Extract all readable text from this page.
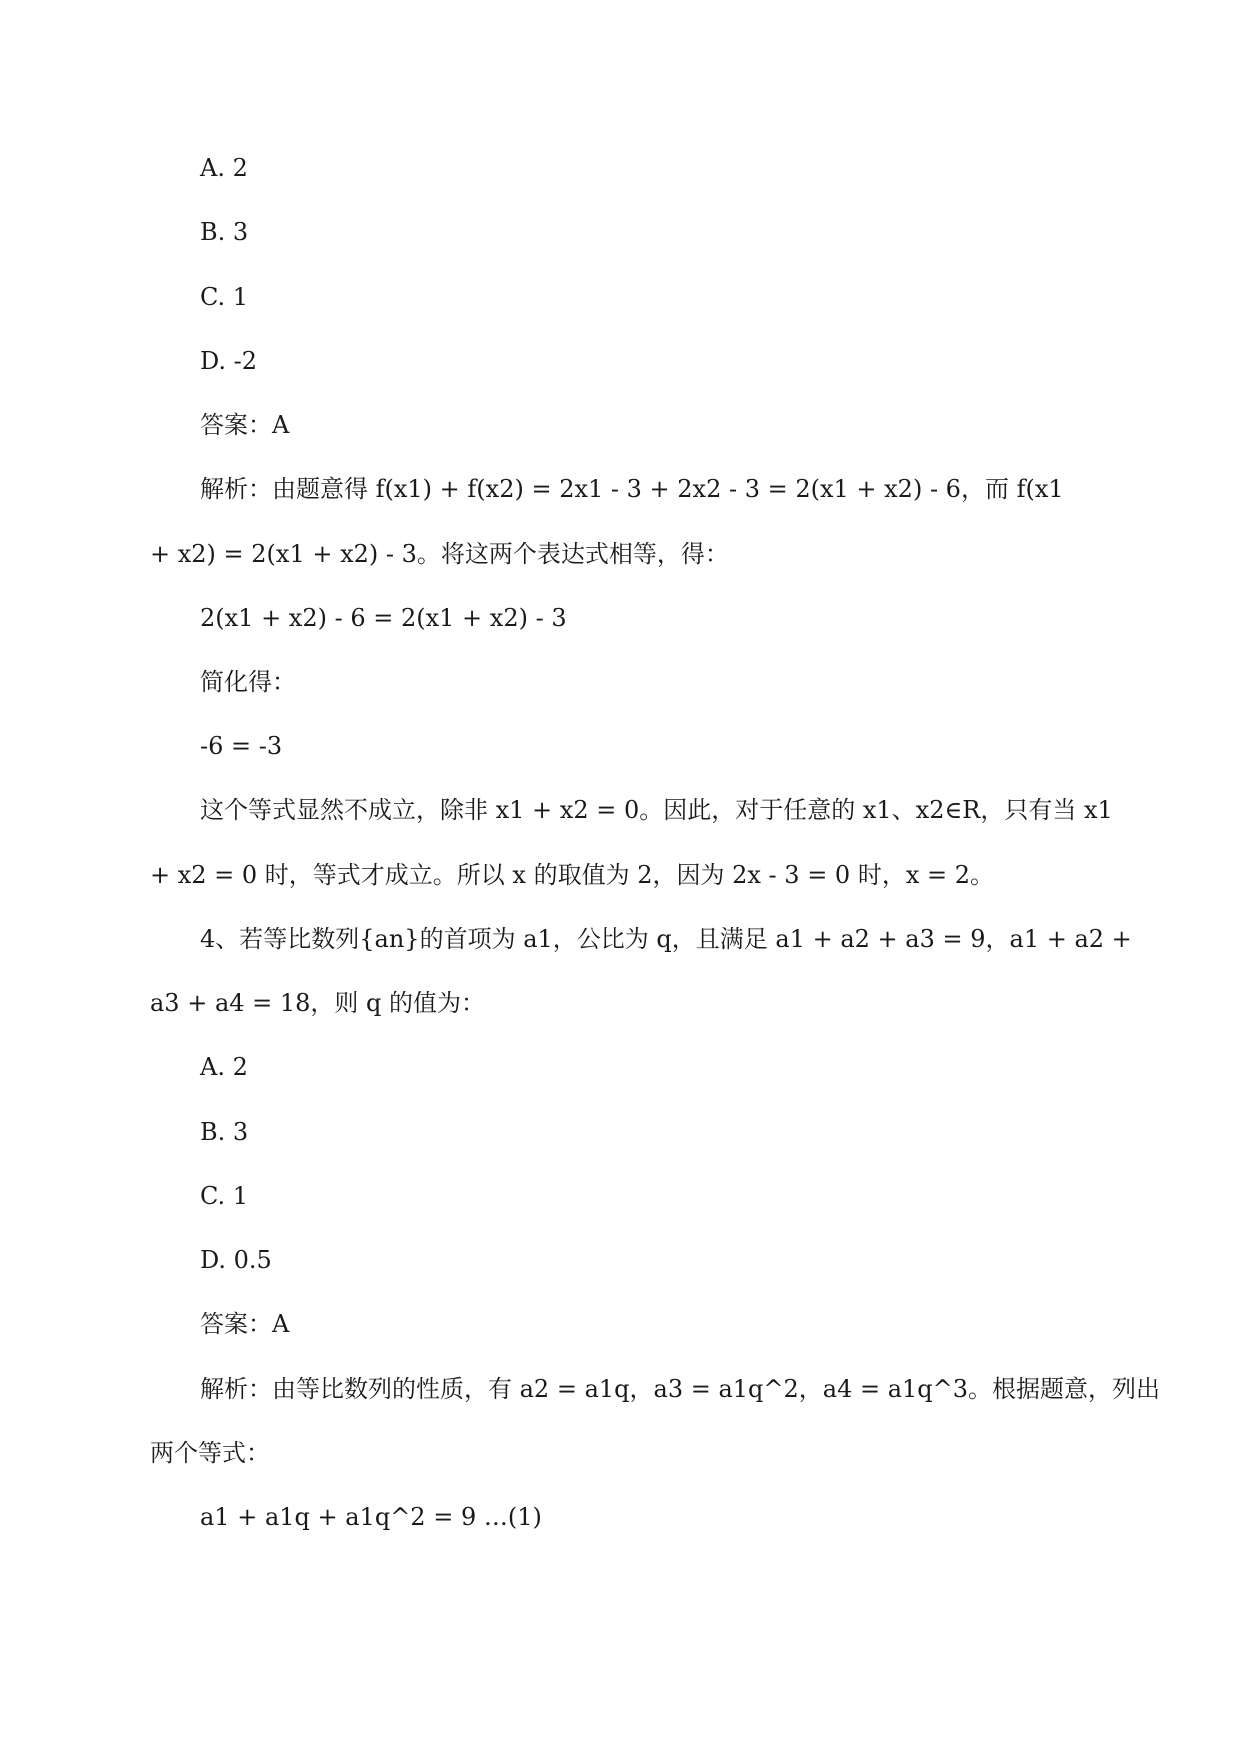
A. 2
B. 3
C. 1
D. -2
答案：A
解析：由题意得 f(x1) + f(x2) = 2x1 - 3 + 2x2 - 3 = 2(x1 + x2) - 6，而 f(x1
+ x2) = 2(x1 + x2) - 3。将这两个表达式相等，得：
2(x1 + x2) - 6 = 2(x1 + x2) - 3
简化得：
-6 = -3
这个等式显然不成立，除非 x1 + x2 = 0。因此，对于任意的 x1、x2∈R，只有当 x1
+ x2 = 0 时，等式才成立。所以 x 的取值为 2，因为 2x - 3 = 0 时，x = 2。
4、若等比数列{an}的首项为 a1，公比为 q，且满足 a1 + a2 + a3 = 9，a1 + a2 +
a3 + a4 = 18，则 q 的值为：
A. 2
B. 3
C. 1
D. 0.5
答案：A
解析：由等比数列的性质，有 a2 = a1q，a3 = a1q^2，a4 = a1q^3。根据题意，列出
两个等式：
a1 + a1q + a1q^2 = 9 …(1)
